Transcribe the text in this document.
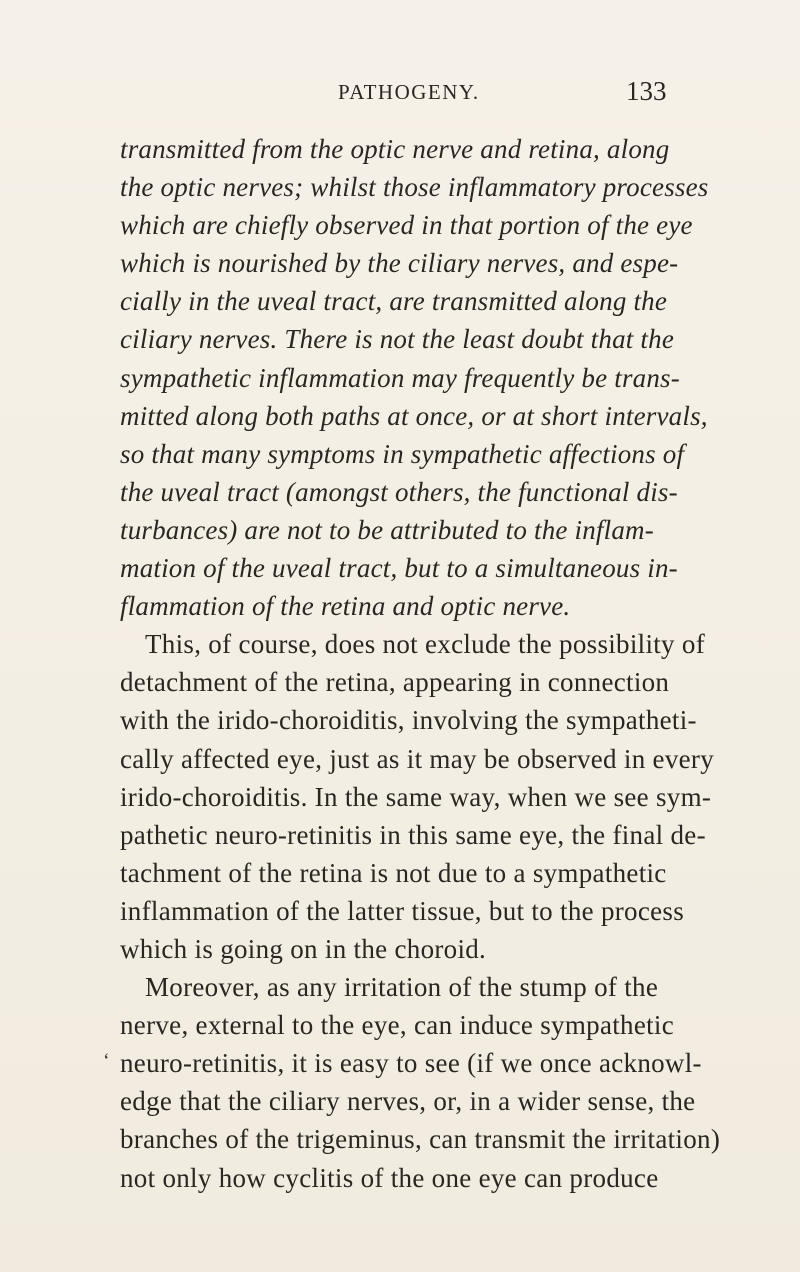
PATHOGENY.	133
transmitted from the optic nerve and retina, along
the optic nerves; whilst those inflammatory processes
which are chiefly observed in that portion of the eye
which is nourished by the ciliary nerves, and espe-
cially in the uveal tract, are transmitted along the
ciliary nerves. There is not the least doubt that the
sympathetic inflammation may frequently be trans-
mitted along both paths at once, or at short intervals,
so that many symptoms in sympathetic affections of
the uveal tract (amongst others, the functional dis-
turbances) are not to be attributed to the inflam-
mation of the uveal tract, but to a simultaneous in-
flammation of the retina and optic nerve.
This, of course, does not exclude the possibility of
detachment of the retina, appearing in connection
with the irido-choroiditis, involving the sympatheti-
cally affected eye, just as it may be observed in every
irido-choroiditis. In the same way, when we see sym-
pathetic neuro-retinitis in this same eye, the final de-
tachment of the retina is not due to a sympathetic
inflammation of the latter tissue, but to the process
which is going on in the choroid.
Moreover, as any irritation of the stump of the
nerve, external to the eye, can induce sympathetic
neuro-retinitis, it is easy to see (if we once acknowl-
edge that the ciliary nerves, or, in a wider sense, the
branches of the trigeminus, can transmit the irritation)
not only how cyclitis of the one eye can produce
‘
